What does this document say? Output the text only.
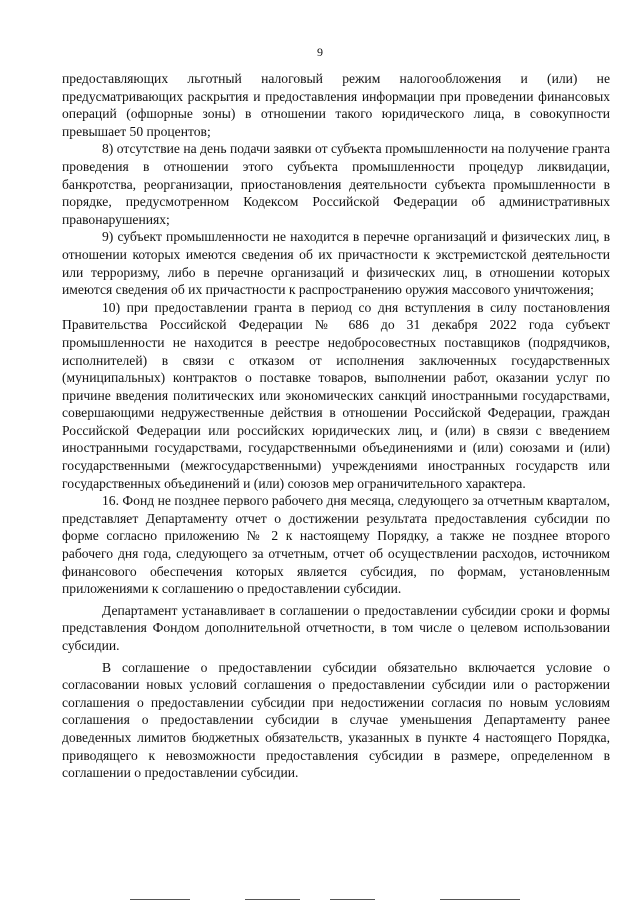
9

предоставляющих льготный налоговый режим налогообложения и (или) не предусматривающих раскрытия и предоставления информации при проведении финансовых операций (офшорные зоны) в отношении такого юридического лица, в совокупности превышает 50 процентов;

8) отсутствие на день подачи заявки от субъекта промышленности на получение гранта проведения в отношении этого субъекта промышленности процедур ликвидации, банкротства, реорганизации, приостановления деятельности субъекта промышленности в порядке, предусмотренном Кодексом Российской Федерации об административных правонарушениях;

9) субъект промышленности не находится в перечне организаций и физических лиц, в отношении которых имеются сведения об их причастности к экстремистской деятельности или терроризму, либо в перечне организаций и физических лиц, в отношении которых имеются сведения об их причастности к распространению оружия массового уничтожения;

10) при предоставлении гранта в период со дня вступления в силу постановления Правительства Российской Федерации № 686 до 31 декабря 2022 года субъект промышленности не находится в реестре недобросовестных поставщиков (подрядчиков, исполнителей) в связи с отказом от исполнения заключенных государственных (муниципальных) контрактов о поставке товаров, выполнении работ, оказании услуг по причине введения политических или экономических санкций иностранными государствами, совершающими недружественные действия в отношении Российской Федерации, граждан Российской Федерации или российских юридических лиц, и (или) в связи с введением иностранными государствами, государственными объединениями и (или) союзами и (или) государственными (межгосударственными) учреждениями иностранных государств или государственных объединений и (или) союзов мер ограничительного характера.

16. Фонд не позднее первого рабочего дня месяца, следующего за отчетным кварталом, представляет Департаменту отчет о достижении результата предоставления субсидии по форме согласно приложению № 2 к настоящему Порядку, а также не позднее второго рабочего дня года, следующего за отчетным, отчет об осуществлении расходов, источником финансового обеспечения которых является субсидия, по формам, установленным приложениями к соглашению о предоставлении субсидии.

Департамент устанавливает в соглашении о предоставлении субсидии сроки и формы представления Фондом дополнительной отчетности, в том числе о целевом использовании субсидии.

В соглашение о предоставлении субсидии обязательно включается условие о согласовании новых условий соглашения о предоставлении субсидии или о расторжении соглашения о предоставлении субсидии при недостижении согласия по новым условиям соглашения о предоставлении субсидии в случае уменьшения Департаменту ранее доведенных лимитов бюджетных обязательств, указанных в пункте 4 настоящего Порядка, приводящего к невозможности предоставления субсидии в размере, определенном в соглашении о предоставлении субсидии.
